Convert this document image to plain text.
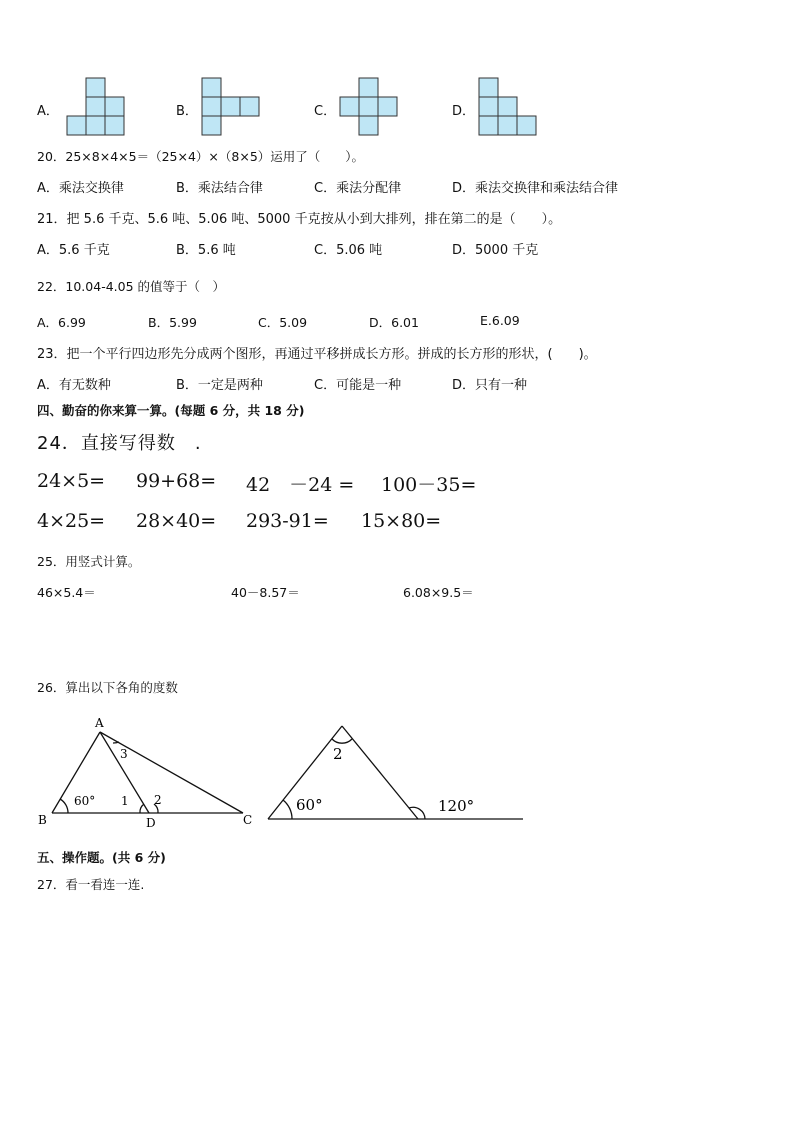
A．	B．	C．	D．
20．25×8×4×5＝（25×4）×（8×5）运用了（　　）。
A．乘法交换律	B．乘法结合律	C．乘法分配律	D．乘法交换律和乘法结合律
21．把 5.6 千克、5.6 吨、5.06 吨、5000 千克按从小到大排列，排在第二的是（　　）。
A．5.6 千克	B．5.6 吨	C．5.06 吨	D．5000 千克
22．10.04-4.05 的值等于（　）
A．6.99	B．5.99	C．5.09	D．6.01	E.6.09
23．把一个平行四边形先分成两个图形，再通过平移拼成长方形。拼成的长方形的形状，(　　)。
A．有无数种	B．一定是两种	C．可能是一种	D．只有一种
四、勤奋的你来算一算。(每题 6 分，共 18 分)
24．直接写得数　.
24×5= 99+68= 42　－24 = 100－35=
4×25= 28×40= 293-91= 15×80=
25．用竖式计算。
46×5.4＝	40－8.57＝	6.08×9.5＝
26．算出以下各角的度数
A
B	C
D
60° 1 2
3	2
60°	120°
五、操作题。(共 6 分)
27．看一看连一连.
